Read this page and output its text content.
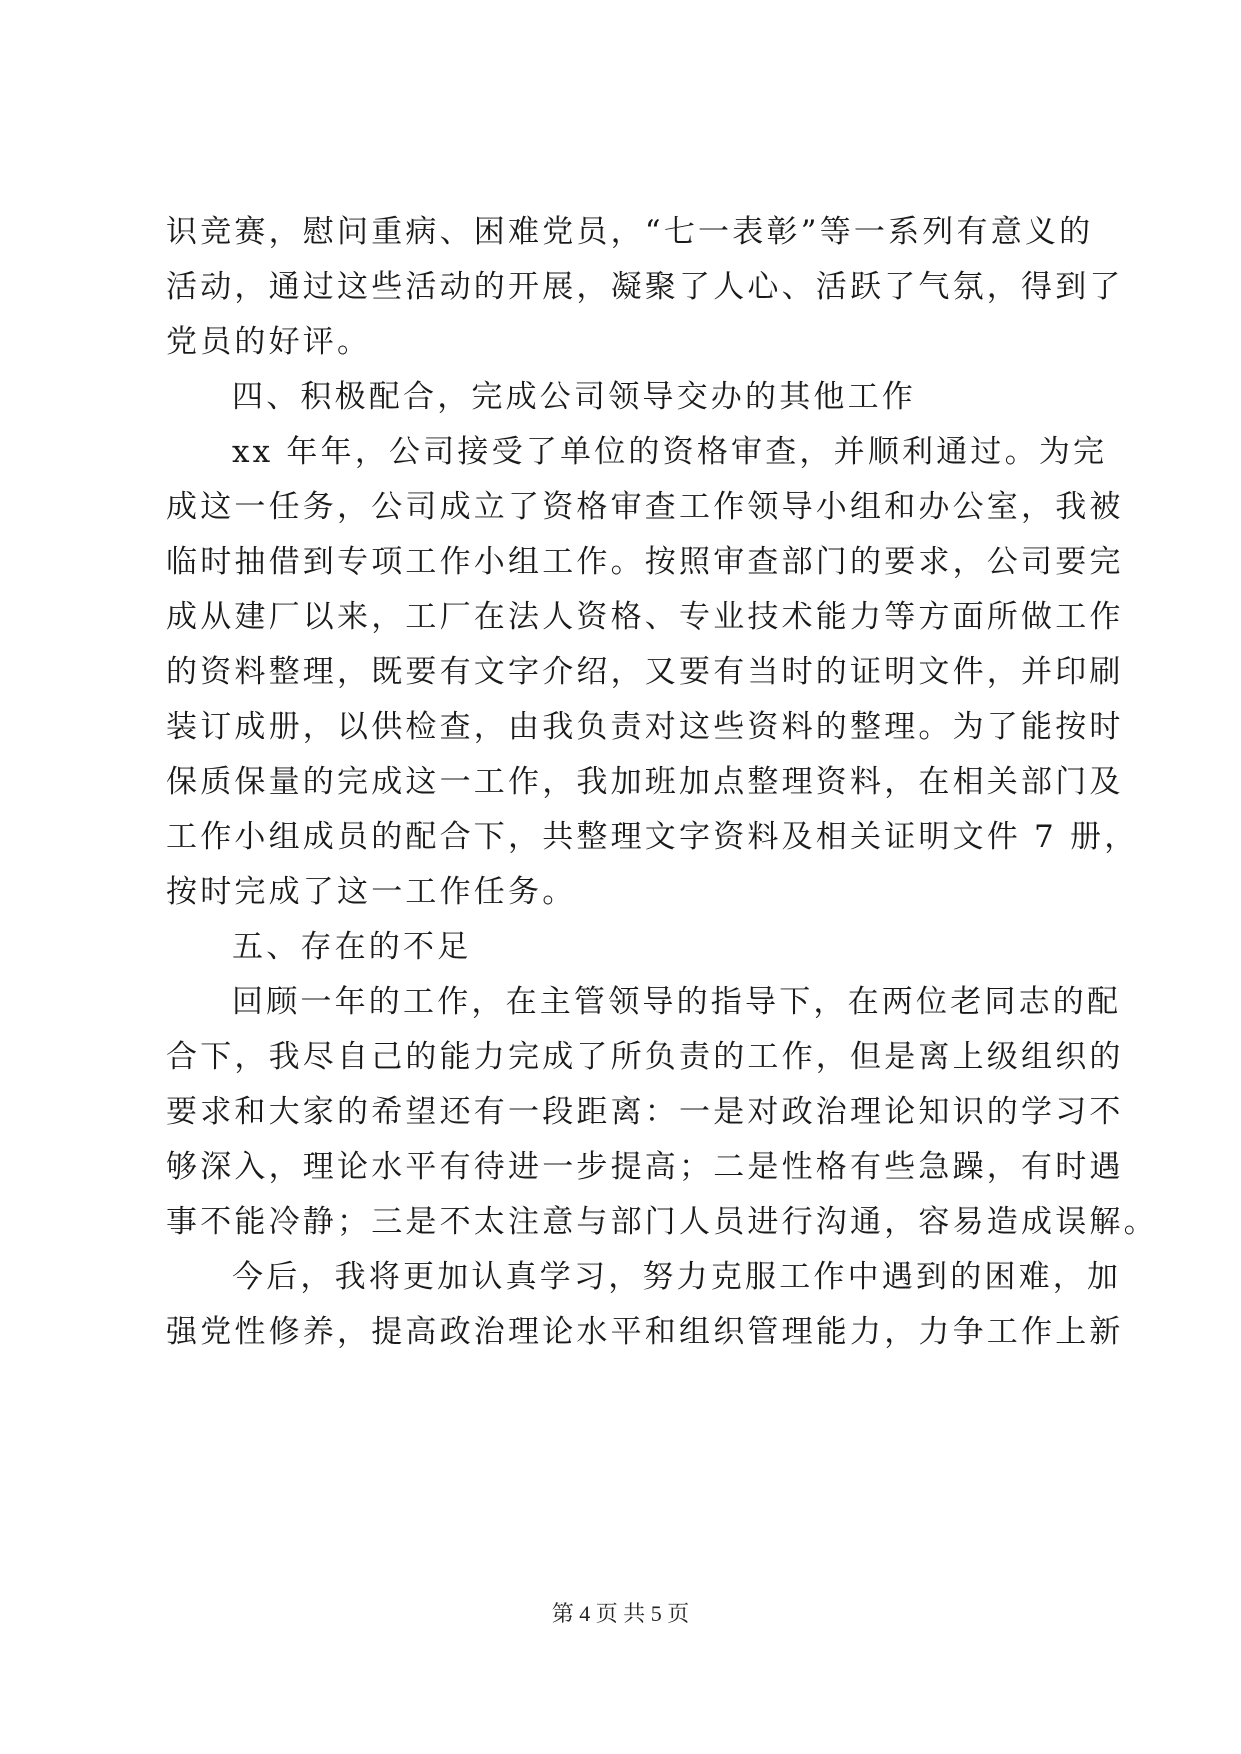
识竞赛，慰问重病、困难党员，“七一表彰”等一系列有意义的
活动，通过这些活动的开展，凝聚了人心、活跃了气氛，得到了
党员的好评。
四、积极配合，完成公司领导交办的其他工作
xx 年年，公司接受了单位的资格审查，并顺利通过。为完
成这一任务，公司成立了资格审查工作领导小组和办公室，我被
临时抽借到专项工作小组工作。按照审查部门的要求，公司要完
成从建厂以来，工厂在法人资格、专业技术能力等方面所做工作
的资料整理，既要有文字介绍，又要有当时的证明文件，并印刷
装订成册，以供检查，由我负责对这些资料的整理。为了能按时
保质保量的完成这一工作，我加班加点整理资料，在相关部门及
工作小组成员的配合下，共整理文字资料及相关证明文件 7 册，
按时完成了这一工作任务。
五、存在的不足
回顾一年的工作，在主管领导的指导下，在两位老同志的配
合下，我尽自己的能力完成了所负责的工作，但是离上级组织的
要求和大家的希望还有一段距离：一是对政治理论知识的学习不
够深入，理论水平有待进一步提高；二是性格有些急躁，有时遇
事不能冷静；三是不太注意与部门人员进行沟通，容易造成误解。
今后，我将更加认真学习，努力克服工作中遇到的困难，加
强党性修养，提高政治理论水平和组织管理能力，力争工作上新
第 4 页 共 5 页
